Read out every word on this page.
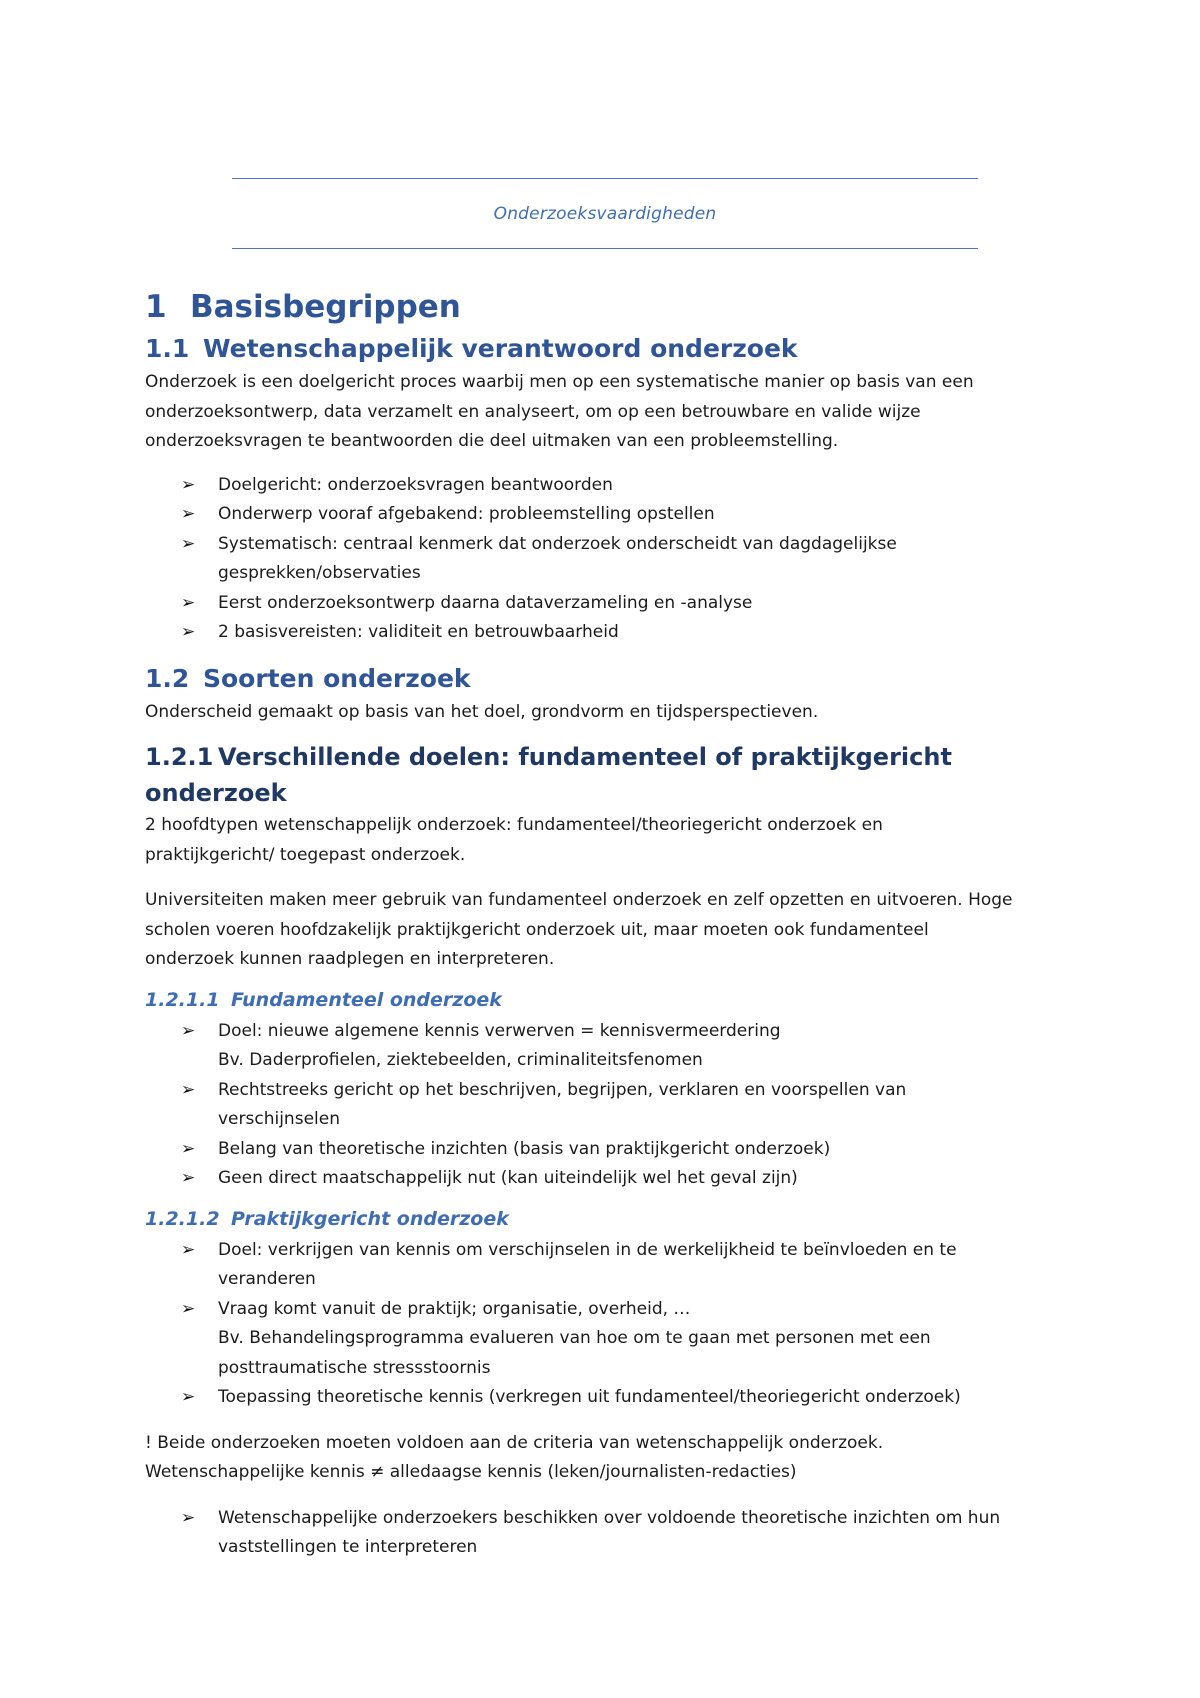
Onderzoeksvaardigheden
1 Basisbegrippen
1.1 Wetenschappelijk verantwoord onderzoek
Onderzoek is een doelgericht proces waarbij men op een systematische manier op basis van een
onderzoeksontwerp, data verzamelt en analyseert, om op een betrouwbare en valide wijze
onderzoeksvragen te beantwoorden die deel uitmaken van een probleemstelling.
➢ Doelgericht: onderzoeksvragen beantwoorden
➢ Onderwerp vooraf afgebakend: probleemstelling opstellen
➢ Systematisch: centraal kenmerk dat onderzoek onderscheidt van dagdagelijkse
gesprekken/observaties
➢ Eerst onderzoeksontwerp daarna dataverzameling en -analyse
➢ 2 basisvereisten: validiteit en betrouwbaarheid
1.2 Soorten onderzoek
Onderscheid gemaakt op basis van het doel, grondvorm en tijdsperspectieven.
1.2.1 Verschillende doelen: fundamenteel of praktijkgericht onderzoek
2 hoofdtypen wetenschappelijk onderzoek: fundamenteel/theoriegericht onderzoek en
praktijkgericht/ toegepast onderzoek.
Universiteiten maken meer gebruik van fundamenteel onderzoek en zelf opzetten en uitvoeren. Hoge
scholen voeren hoofdzakelijk praktijkgericht onderzoek uit, maar moeten ook fundamenteel
onderzoek kunnen raadplegen en interpreteren.
1.2.1.1 Fundamenteel onderzoek
➢ Doel: nieuwe algemene kennis verwerven = kennisvermeerdering
Bv. Daderprofielen, ziektebeelden, criminaliteitsfenomen
➢ Rechtstreeks gericht op het beschrijven, begrijpen, verklaren en voorspellen van
verschijnselen
➢ Belang van theoretische inzichten (basis van praktijkgericht onderzoek)
➢ Geen direct maatschappelijk nut (kan uiteindelijk wel het geval zijn)
1.2.1.2 Praktijkgericht onderzoek
➢ Doel: verkrijgen van kennis om verschijnselen in de werkelijkheid te beïnvloeden en te
veranderen
➢ Vraag komt vanuit de praktijk; organisatie, overheid, …
Bv. Behandelingsprogramma evalueren van hoe om te gaan met personen met een
posttraumatische stressstoornis
➢ Toepassing theoretische kennis (verkregen uit fundamenteel/theoriegericht onderzoek)
! Beide onderzoeken moeten voldoen aan de criteria van wetenschappelijk onderzoek.
Wetenschappelijke kennis ≠ alledaagse kennis (leken/journalisten-redacties)
➢ Wetenschappelijke onderzoekers beschikken over voldoende theoretische inzichten om hun
vaststellingen te interpreteren
